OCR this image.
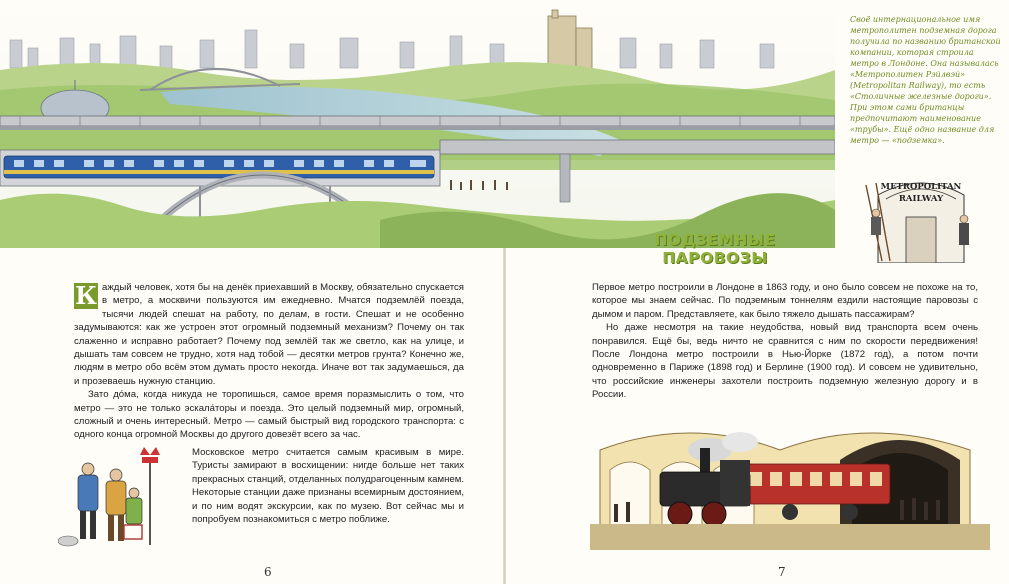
К аждый человек, хотя бы на денёк приехавший в Москву, обязательно спускается в метро, а москвичи пользуются им ежедневно. Мчатся подземлёй поезда, тысячи людей спешат на работу, по делам, в гости. Спешат и не особенно задумываются: как же устроен этот огромный подземный механизм? Почему он так слаженно и исправно работает? Почему под землёй так же светло, как на улице, и дышать там совсем не трудно, хотя над тобой — десятки метров грунта? Конечно же, людям в метро обо всём этом думать просто некогда. Иначе вот так задумаешься, да и прозеваешь нужную станцию.

Зато до́ма, когда никуда не торопишься, самое время поразмыслить о том, что метро — это не только эскала́торы и поезда. Это целый подземный мир, огромный, сложный и очень интересный. Метро — самый быстрый вид городского транспорта: с одного конца огромной Москвы до другого довезёт всего за час.

Московское метро считается самым красивым в мире. Туристы замирают в восхищении: нигде больше нет таких прекрасных станций, отделанных полудрагоценным камнем. Некоторые станции даже признаны всемирным достоянием, и по ним водят экскурсии, как по музею. Вот сейчас мы и попробуем познакомиться с метро поближе.

6
Своё интернациональное имя метрополитен подземная дорога получила по названию британской компании, которая строила метро в Лондоне. Она называлась «Метрополитен Рэйлвэй» (Metropolitan Railway), то есть «Столичные железные дороги». При этом сами британцы предпочитают наименование «трубы». Ещё одно название для метро — «подземка».
METROPOLITAN
RAILWAY
ПОДЗЕМНЫЕ
ПАРОВОЗЫ

Первое метро построили в Лондоне в 1863 году, и оно было совсем не похоже на то, которое мы знаем сейчас. По подземным тоннелям ездили настоящие паровозы с дымом и паром. Представляете, как было тяжело дышать пассажирам?

Но даже несмотря на такие неудобства, новый вид транспорта всем очень понравился. Ещё бы, ведь ничто не сравнится с ним по скорости передвижения! После Лондона метро построили в Нью-Йорке (1872 год), а потом почти одновременно в Париже (1898 год) и Берлине (1900 год). И совсем не удивительно, что российские инженеры захотели построить подземную железную дорогу и в России.

7
